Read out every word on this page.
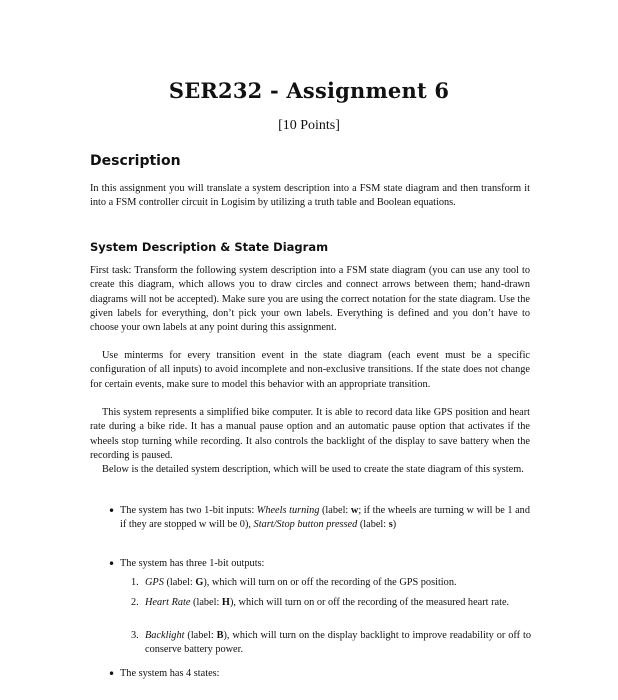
SER232 - Assignment 6
[10 Points]
Description
In this assignment you will translate a system description into a FSM state diagram and then transform it into a FSM controller circuit in Logisim by utilizing a truth table and Boolean equations.
System Description & State Diagram
First task: Transform the following system description into a FSM state diagram (you can use any tool to create this diagram, which allows you to draw circles and connect arrows between them; hand-drawn diagrams will not be accepted). Make sure you are using the correct notation for the state diagram. Use the given labels for everything, don’t pick your own labels. Everything is defined and you don’t have to choose your own labels at any point during this assignment.
Use minterms for every transition event in the state diagram (each event must be a specific configuration of all inputs) to avoid incomplete and non-exclusive transitions. If the state does not change for certain events, make sure to model this behavior with an appropriate transition.
This system represents a simplified bike computer. It is able to record data like GPS position and heart rate during a bike ride. It has a manual pause option and an automatic pause option that activates if the wheels stop turning while recording. It also controls the backlight of the display to save battery when the recording is paused.
Below is the detailed system description, which will be used to create the state diagram of this system.
• The system has two 1-bit inputs: Wheels turning (label: w; if the wheels are turning w will be 1 and if they are stopped w will be 0), Start/Stop button pressed (label: s)
• The system has three 1-bit outputs:
1. GPS (label: G), which will turn on or off the recording of the GPS position.
2. Heart Rate (label: H), which will turn on or off the recording of the measured heart rate.
3. Backlight (label: B), which will turn on the display backlight to improve readability or off to conserve battery power.
• The system has 4 states:
